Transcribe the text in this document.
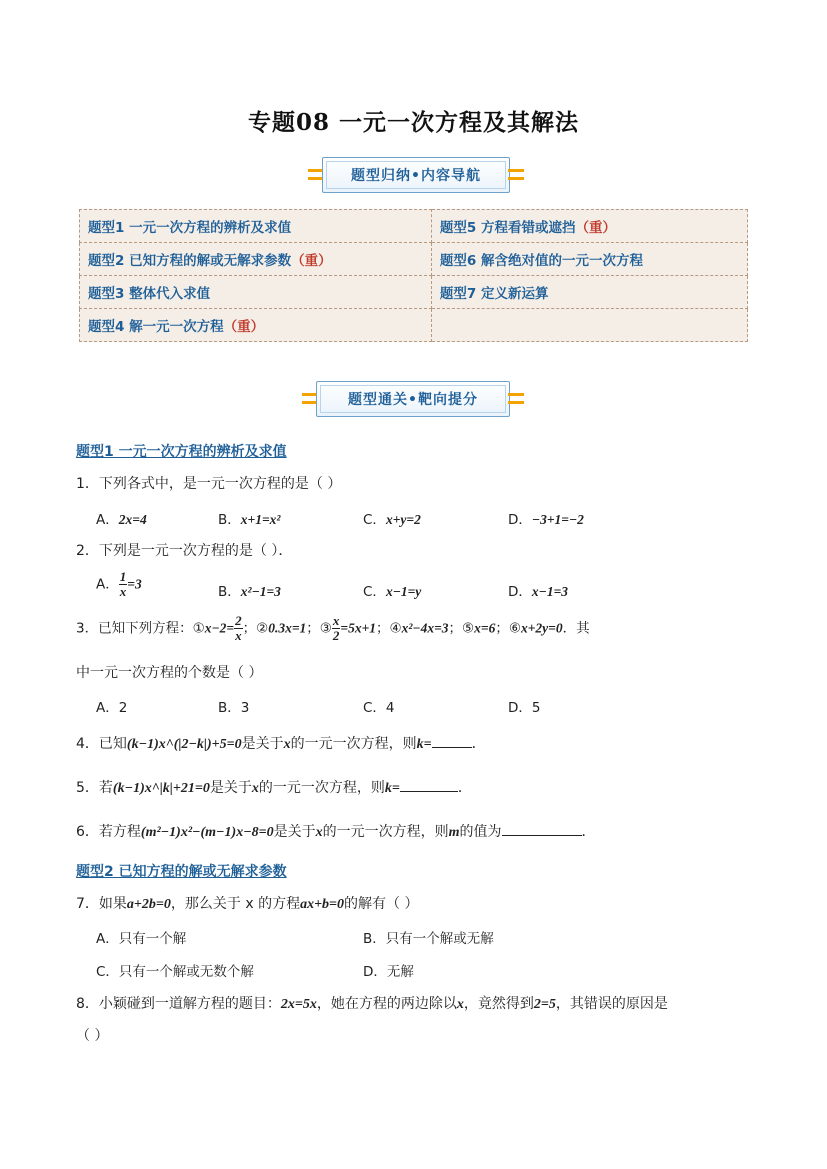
专题08 一元一次方程及其解法
题型归纳•内容导航
题型1 一元一次方程的辨析及求值	题型5 方程看错或遮挡（重）
题型2 已知方程的解或无解求参数（重）	题型6 解含绝对值的一元一次方程
题型3 整体代入求值	题型7 定义新运算
题型4 解一元一次方程（重）	
题型通关•靶向提分
题型1 一元一次方程的辨析及求值
1．下列各式中，是一元一次方程的是（ ）
A．2x=4	B．x+1=x²	C．x+y=2	D．−3+1=−2
2．下列是一元一次方程的是（ ）．
A． $\frac{1}{x} =3$	B．x²−1=3	C．x−1=y	D．x−1=3
3．已知下列方程：①x−2= $\frac{2}{x}$ ；②0.3x=1；③ $\frac{x}{2} =5x+1$；④x²−4x=3；⑤x=6；⑥x+2y=0．其
中一元一次方程的个数是（ ）
A．2	B．3	C．4	D．5
4．已知(k−1)x^(|2−k|)+5=0是关于x的一元一次方程，则k=	．
5．若(k−1)x^|k|+21=0是关于x的一元一次方程，则k=	．
6．若方程(m²−1)x²−(m−1)x−8=0是关于x的一元一次方程，则m的值为	．
题型2 已知方程的解或无解求参数
7．如果a+2b=0，那么关于 x 的方程ax+b=0的解有（ ）
A．只有一个解	B．只有一个解或无解
C．只有一个解或无数个解	D．无解
8．小颖碰到一道解方程的题目：2x=5x，她在方程的两边除以x，竟然得到2=5，其错误的原因是
（ ）
